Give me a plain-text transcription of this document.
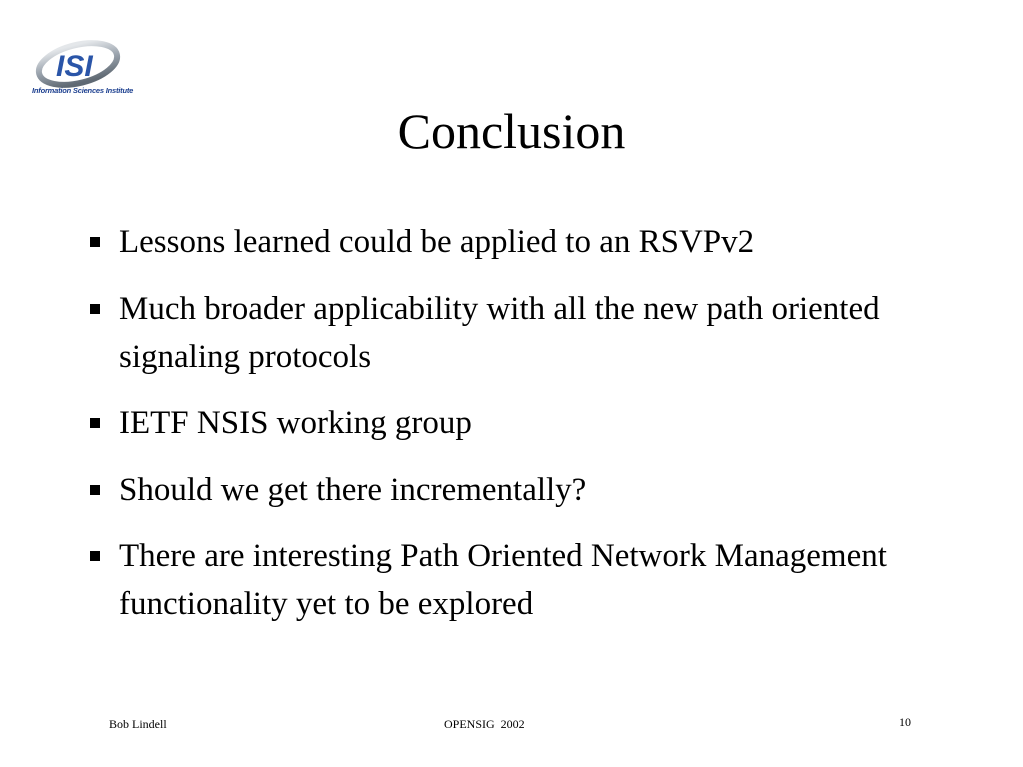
ISI
Information Sciences Institute
Conclusion
Lessons learned could be applied to an RSVPv2
Much broader applicability with all the new path oriented signaling protocols
IETF NSIS working group
Should we get there incrementally?
There are interesting Path Oriented Network Management functionality yet to be explored
Bob Lindell	OPENSIG  2002	10
